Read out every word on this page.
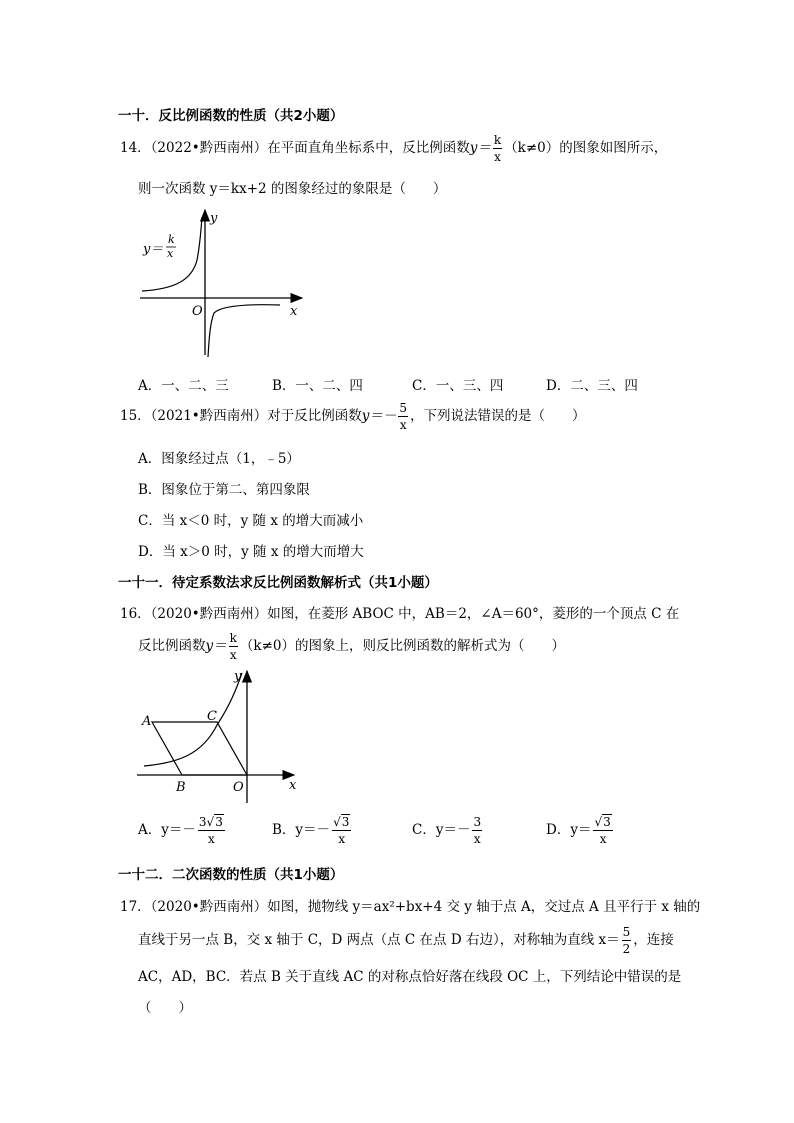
一十．反比例函数的性质（共2小题）
14．（2022•黔西南州）在平面直角坐标系中，反比例函数$y= \frac{k}{x} (k\ne 0)$的图象如图所示，
则一次函数 y＝kx+2 的图象经过的象限是（　　）
y
x
O
y＝
k
x
A．一、二、三	B．一、二、四	C．一、三、四	D．二、三、四
15．（2021•黔西南州）对于反比例函数$y=- \frac{5}{x}$ ，下列说法错误的是（　　）
A．图象经过点（1，﹣5）
B．图象位于第二、第四象限
C．当 x＜0 时，y 随 x 的增大而减小
D．当 x＞0 时，y 随 x 的增大而增大
一十一．待定系数法求反比例函数解析式（共1小题）
16．（2020•黔西南州）如图，在菱形 ABOC 中，AB＝2，∠A＝60°，菱形的一个顶点 C 在
反比例函数$y= \frac{k}{x} (k\ne 0)$的图象上，则反比例函数的解析式为（　　）
A
B
C
O
y
x
A．$y=- \frac{3√3}{x}$	B．$y=- \frac{√3}{x}$	C．$y=- \frac{3}{x}$	D．$y= \frac{√3}{x}$
一十二．二次函数的性质（共1小题）
17．（2020•黔西南州）如图，抛物线 y＝ax²+bx+4 交 y 轴于点 A，交过点 A 且平行于 x 轴的
直线于另一点 B，交 x 轴于 C，D 两点（点 C 在点 D 右边），对称轴为直线 $x= \frac{5}{2}$ ，连接
AC，AD，BC．若点 B 关于直线 AC 的对称点恰好落在线段 OC 上，下列结论中错误的是
（　　）
